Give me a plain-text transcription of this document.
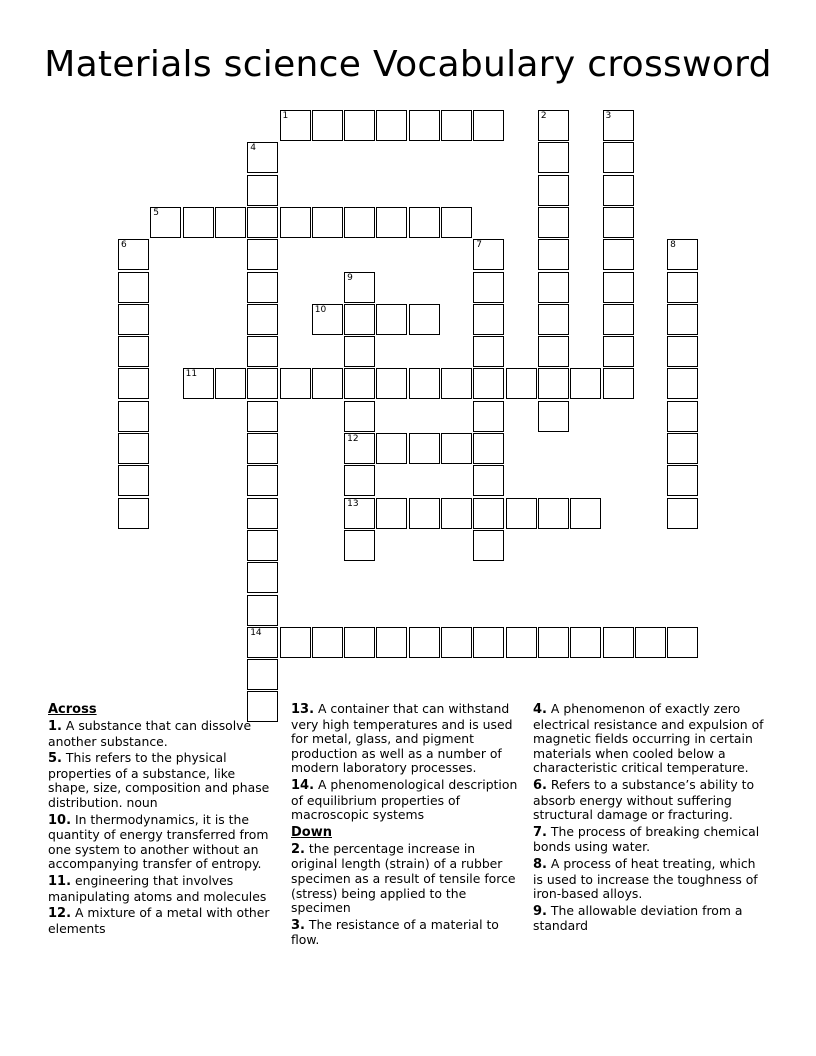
Materials science Vocabulary crossword
1	2	3
4
14
5
6	7	8
9
12
13
10
11

Across

1. A substance that can dissolve another substance.

5. This refers to the physical properties of a substance, like shape, size, composition and phase distribution. noun

10. In thermodynamics, it is the quantity of energy transferred from one system to another without an accompanying transfer of entropy.

11. engineering that involves manipulating atoms and molecules

12. A mixture of a metal with other elements

13. A container that can withstand very high temperatures and is used for metal, glass, and pigment production as well as a number of modern laboratory processes.

14. A phenomenological description of equilibrium properties of macroscopic systems

Down

2. the percentage increase in original length (strain) of a rubber specimen as a result of tensile force (stress) being applied to the specimen

3. The resistance of a material to flow.

4. A phenomenon of exactly zero electrical resistance and expulsion of magnetic fields occurring in certain materials when cooled below a characteristic critical temperature.

6. Refers to a substance’s ability to absorb energy without suffering structural damage or fracturing.

7. The process of breaking chemical bonds using water.

8. A process of heat treating, which is used to increase the toughness of iron-based alloys.

9. The allowable deviation from a standard
